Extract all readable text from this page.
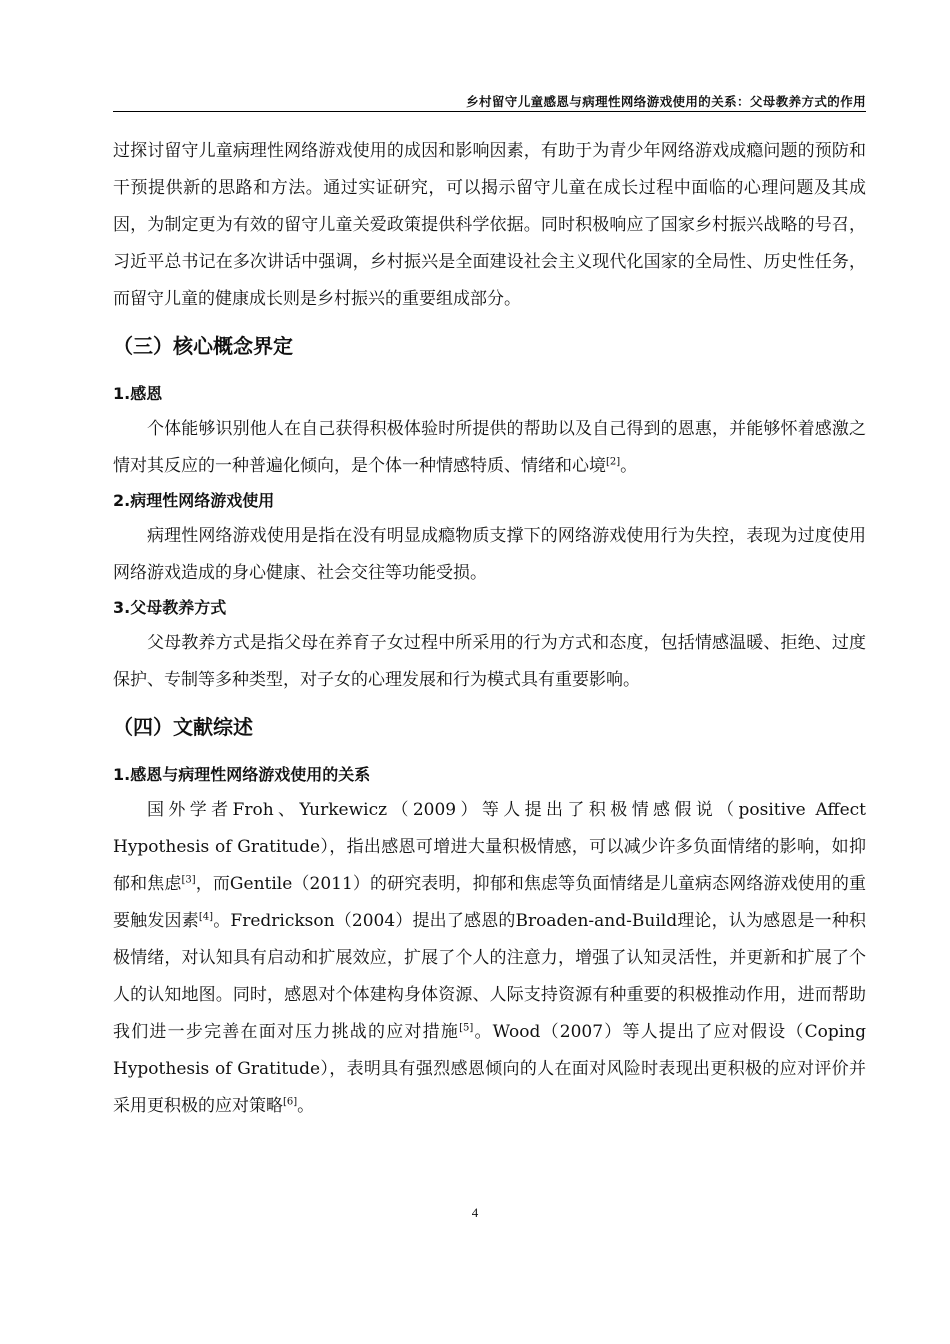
乡村留守儿童感恩与病理性网络游戏使用的关系：父母教养方式的作用

过探讨留守儿童病理性网络游戏使用的成因和影响因素，有助于为青少年网络游戏成瘾问题的预防和干预提供新的思路和方法。通过实证研究，可以揭示留守儿童在成长过程中面临的心理问题及其成因，为制定更为有效的留守儿童关爱政策提供科学依据。同时积极响应了国家乡村振兴战略的号召，习近平总书记在多次讲话中强调，乡村振兴是全面建设社会主义现代化国家的全局性、历史性任务，而留守儿童的健康成长则是乡村振兴的重要组成部分。

（三）核心概念界定
1.感恩

个体能够识别他人在自己获得积极体验时所提供的帮助以及自己得到的恩惠，并能够怀着感激之情对其反应的一种普遍化倾向，是个体一种情感特质、情绪和心境[2]。

2.病理性网络游戏使用

病理性网络游戏使用是指在没有明显成瘾物质支撑下的网络游戏使用行为失控，表现为过度使用网络游戏造成的身心健康、社会交往等功能受损。

3.父母教养方式

父母教养方式是指父母在养育子女过程中所采用的行为方式和态度，包括情感温暖、拒绝、过度保护、专制等多种类型，对子女的心理发展和行为模式具有重要影响。

（四）文献综述
1.感恩与病理性网络游戏使用的关系

国外学者Froh、Yurkewicz（2009）等人提出了积极情感假说（positive Affect Hypothesis of Gratitude），指出感恩可增进大量积极情感，可以减少许多负面情绪的影响，如抑郁和焦虑[3]，而Gentile（2011）的研究表明，抑郁和焦虑等负面情绪是儿童病态网络游戏使用的重要触发因素[4]。Fredrickson（2004）提出了感恩的Broaden-and-Build理论，认为感恩是一种积极情绪，对认知具有启动和扩展效应，扩展了个人的注意力，增强了认知灵活性，并更新和扩展了个人的认知地图。同时，感恩对个体建构身体资源、人际支持资源有种重要的积极推动作用，进而帮助我们进一步完善在面对压力挑战的应对措施[5]。Wood（2007）等人提出了应对假设（Coping Hypothesis of Gratitude），表明具有强烈感恩倾向的人在面对风险时表现出更积极的应对评价并采用更积极的应对策略[6]。

4
